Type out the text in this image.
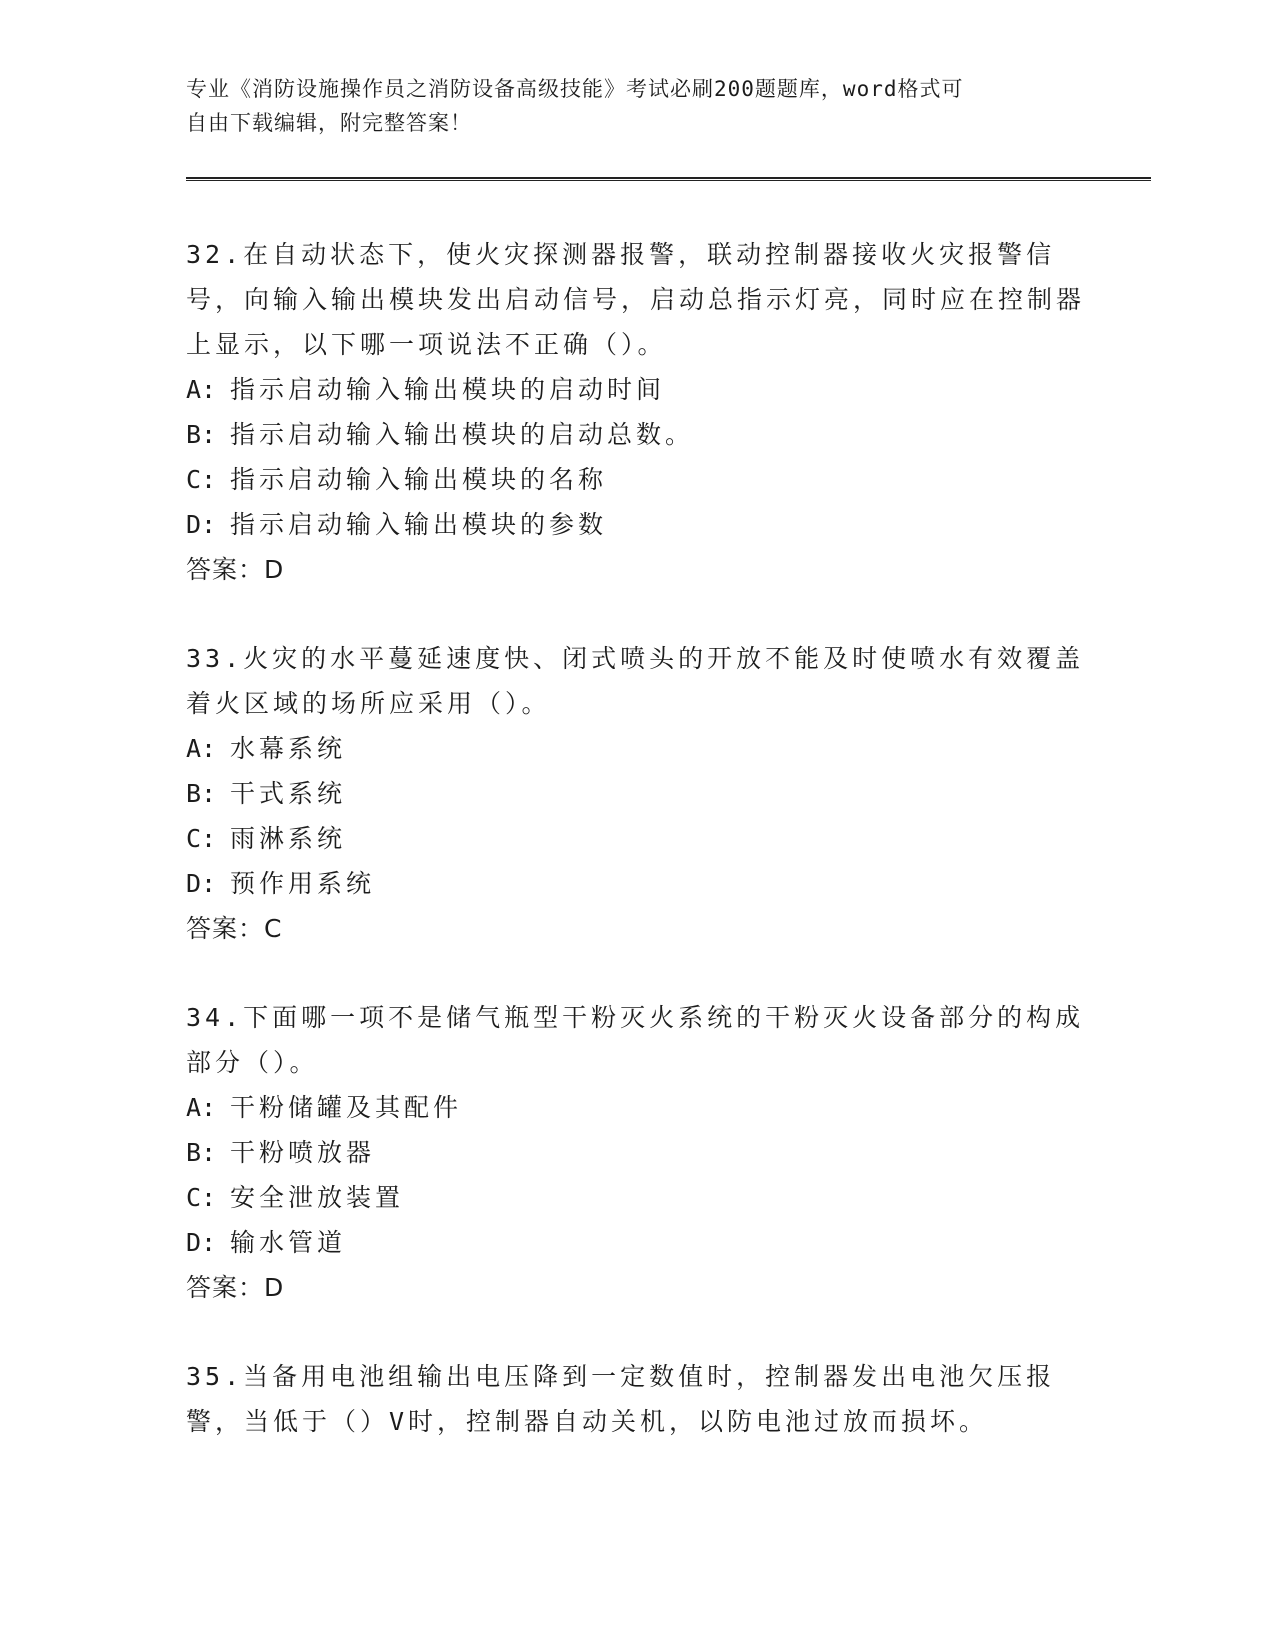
专业《消防设施操作员之消防设备高级技能》考试必刷200题题库，word格式可
自由下载编辑，附完整答案！

32.在自动状态下，使火灾探测器报警，联动控制器接收火灾报警信号，向输入输出模块发出启动信号，启动总指示灯亮，同时应在控制器上显示，以下哪一项说法不正确（）。

A: 指示启动输入输出模块的启动时间

B: 指示启动输入输出模块的启动总数。

C: 指示启动输入输出模块的名称

D: 指示启动输入输出模块的参数

答案：D

33.火灾的水平蔓延速度快、闭式喷头的开放不能及时使喷水有效覆盖着火区域的场所应采用（）。

A: 水幕系统

B: 干式系统

C: 雨淋系统

D: 预作用系统

答案：C

34.下面哪一项不是储气瓶型干粉灭火系统的干粉灭火设备部分的构成部分（）。

A: 干粉储罐及其配件

B: 干粉喷放器

C: 安全泄放装置

D: 输水管道

答案：D

35.当备用电池组输出电压降到一定数值时，控制器发出电池欠压报警，当低于（）V时，控制器自动关机，以防电池过放而损坏。
